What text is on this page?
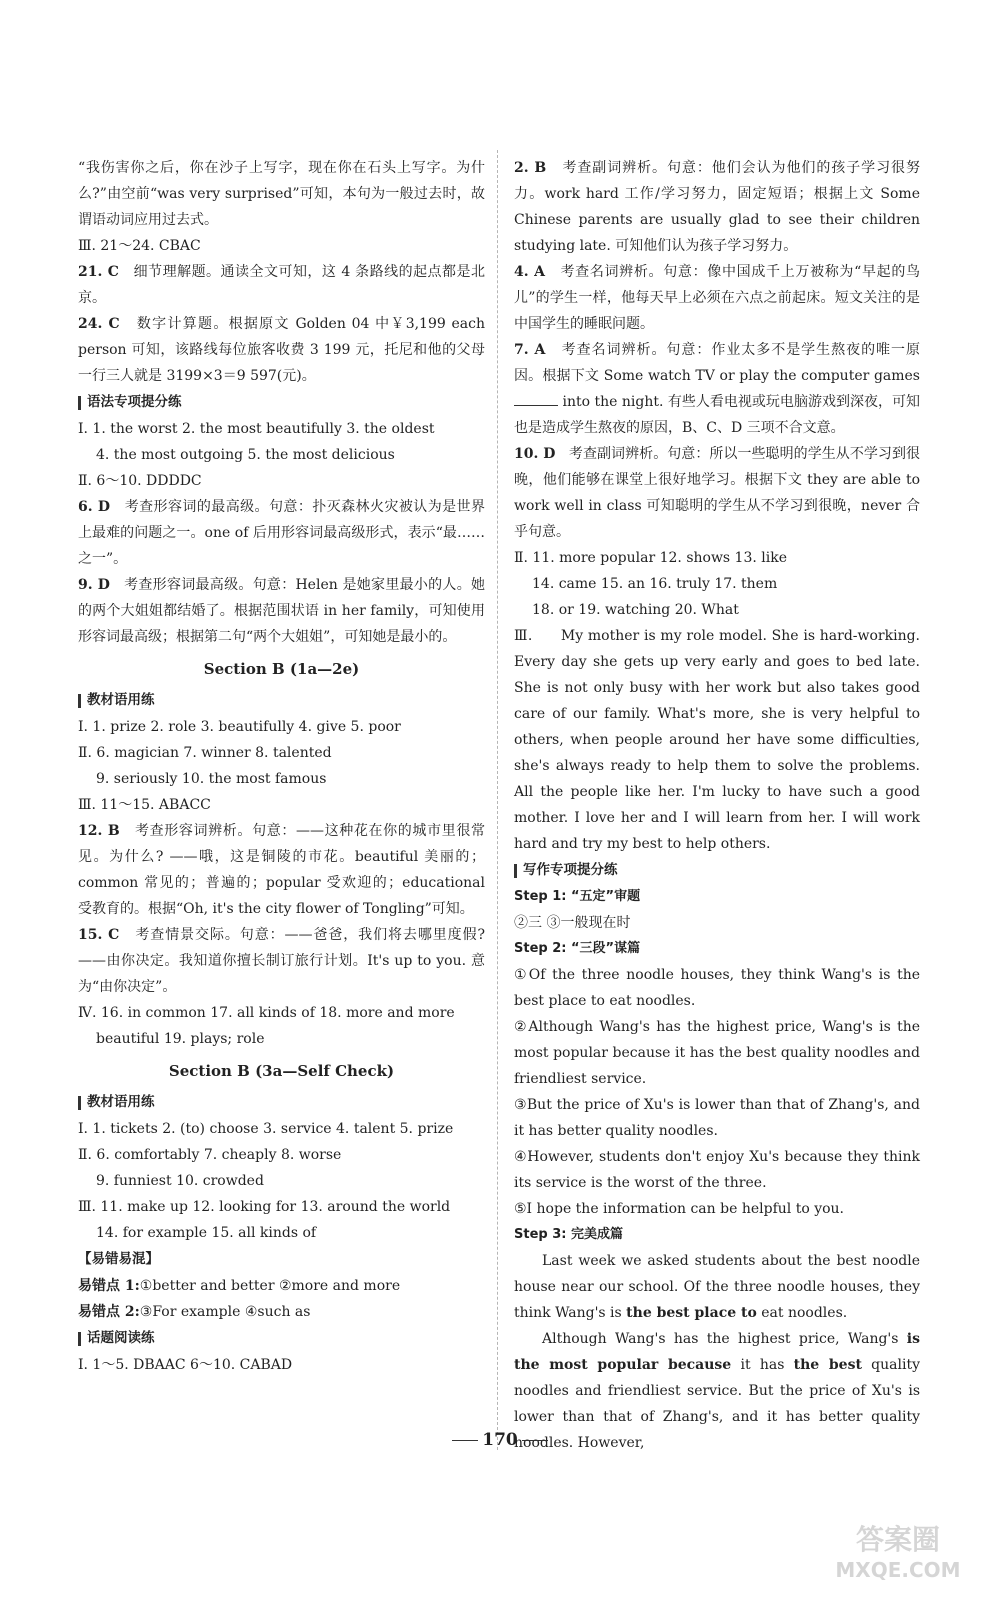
“我伤害你之后，你在沙子上写字，现在你在石头上写字。为什么?”由空前“was very surprised”可知，本句为一般过去时，故谓语动词应用过去式。

Ⅲ. 21～24. CBAC

21. C 细节理解题。通读全文可知，这 4 条路线的起点都是北京。

24. C 数字计算题。根据原文 Golden 04 中￥3,199 each person 可知，该路线每位旅客收费 3 199 元，托尼和他的父母一行三人就是 3199×3＝9 597(元)。

语法专项提分练

Ⅰ. 1. the worst 2. the most beautifully 3. the oldest

4. the most outgoing 5. the most delicious

Ⅱ. 6～10. DDDDC

6. D 考查形容词的最高级。句意：扑灭森林火灾被认为是世界上最难的问题之一。one of 后用形容词最高级形式，表示“最……之一”。

9. D 考查形容词最高级。句意：Helen 是她家里最小的人。她的两个大姐姐都结婚了。根据范围状语 in her family，可知使用形容词最高级；根据第二句“两个大姐姐”，可知她是最小的。

Section B (1a—2e)
教材语用练

Ⅰ. 1. prize 2. role 3. beautifully 4. give 5. poor

Ⅱ. 6. magician 7. winner 8. talented

9. seriously 10. the most famous

Ⅲ. 11～15. ABACC

12. B 考查形容词辨析。句意：——这种花在你的城市里很常见。为什么? ——哦，这是铜陵的市花。beautiful 美丽的；common 常见的；普遍的；popular 受欢迎的；educational 受教育的。根据“Oh, it's the city flower of Tongling”可知。

15. C 考查情景交际。句意：——爸爸，我们将去哪里度假? ——由你决定。我知道你擅长制订旅行计划。It's up to you. 意为“由你决定”。

Ⅳ. 16. in common 17. all kinds of 18. more and more

beautiful 19. plays; role

Section B (3a—Self Check)
教材语用练

Ⅰ. 1. tickets 2. (to) choose 3. service 4. talent 5. prize

Ⅱ. 6. comfortably 7. cheaply 8. worse

9. funniest 10. crowded

Ⅲ. 11. make up 12. looking for 13. around the world

14. for example 15. all kinds of

【易错易混】

易错点 1:①better and better ②more and more

易错点 2:③For example ④such as

话题阅读练

Ⅰ. 1～5. DBAAC 6～10. CABAD

2. B 考查副词辨析。句意：他们会认为他们的孩子学习很努力。work hard 工作/学习努力，固定短语；根据上文 Some Chinese parents are usually glad to see their children studying late. 可知他们认为孩子学习努力。

4. A 考查名词辨析。句意：像中国成千上万被称为“早起的鸟儿”的学生一样，他每天早上必须在六点之前起床。短文关注的是中国学生的睡眠问题。

7. A 考查名词辨析。句意：作业太多不是学生熬夜的唯一原因。根据下文 Some watch TV or play the computer games  into the night. 有些人看电视或玩电脑游戏到深夜，可知也是造成学生熬夜的原因，B、C、D 三项不合文意。

10. D 考查副词辨析。句意：所以一些聪明的学生从不学习到很晚，他们能够在课堂上很好地学习。根据下文 they are able to work well in class 可知聪明的学生从不学习到很晚，never 合乎句意。

Ⅱ. 11. more popular 12. shows 13. like

14. came 15. an 16. truly 17. them

18. or 19. watching 20. What

Ⅲ. My mother is my role model. She is hard-working. Every day she gets up very early and goes to bed late. She is not only busy with her work but also takes good care of our family. What's more, she is very helpful to others, when people around her have some difficulties, she's always ready to help them to solve the problems. All the people like her. I'm lucky to have such a good mother. I love her and I will learn from her. I will work hard and try my best to help others.

写作专项提分练
Step 1: “五定”审题

②三 ③一般现在时

Step 2: “三段”谋篇

①Of the three noodle houses, they think Wang's is the best place to eat noodles.

②Although Wang's has the highest price, Wang's is the most popular because it has the best quality noodles and friendliest service.

③But the price of Xu's is lower than that of Zhang's, and it has better quality noodles.

④However, students don't enjoy Xu's because they think its service is the worst of the three.

⑤I hope the information can be helpful to you.

Step 3: 完美成篇

Last week we asked students about the best noodle house near our school. Of the three noodle houses, they think Wang's is the best place to eat noodles.

Although Wang's has the highest price, Wang's is the most popular because it has the best quality noodles and friendliest service. But the price of Xu's is lower than that of Zhang's, and it has better quality noodles. However,

170
答案圈
MXQE.COM
